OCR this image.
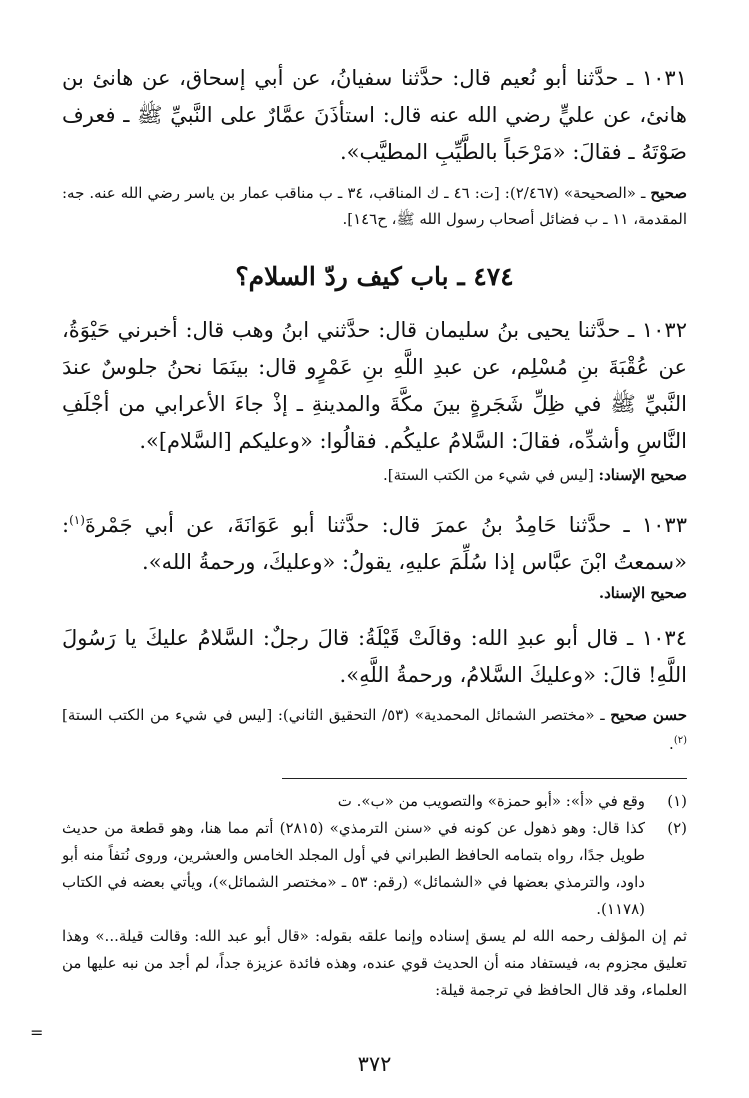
١٠٣١ ـ حدَّثنا أبو نُعيم قال: حدَّثنا سفيانُ، عن أبي إسحاق، عن هانئ بن هانئ، عن عليٍّ رضي الله عنه قال: استأذَنَ عمَّارٌ على النَّبيِّ ﷺ ـ فعرف صَوْتَهُ ـ فقالَ: «مَرْحَباً بالطَّيِّبِ المطيَّب».
صحيح ـ «الصحيحة» (٢/٤٦٧): [ت: ٤٦ ـ ك المناقب، ٣٤ ـ ب مناقب عمار بن ياسر رضي الله عنه. جه: المقدمة، ١١ ـ ب فضائل أصحاب رسول الله ﷺ، ح١٤٦].
٤٧٤ ـ باب كيف ردّ السلام؟
١٠٣٢ ـ حدَّثنا يحيى بنُ سليمان قال: حدَّثني ابنُ وهب قال: أخبرني حَيْوَةُ، عن عُقْبَةَ بنِ مُسْلِم، عن عبدِ اللَّهِ بنِ عَمْرٍو قال: بينَمَا نحنُ جلوسٌ عندَ النَّبيِّ ﷺ في ظِلِّ شَجَرةٍ بينَ مكَّةَ والمدينةِ ـ إذْ جاءَ الأعرابي من أجْلَفِ النَّاسِ وأشدِّه، فقالَ: السَّلامُ عليكُم. فقالُوا: «وعليكم [السَّلام]».
صحيح الإسناد: [ليس في شيء من الكتب الستة].
١٠٣٣ ـ حدَّثنا حَامِدُ بنُ عمرَ قال: حدَّثنا أبو عَوَانَةَ، عن أبي جَمْرةَ$^{(١)}$: «سمعتُ ابْنَ عبَّاس إذا سُلِّمَ عليهِ، يقولُ: «وعليكَ، ورحمةُ الله».
صحيح الإسناد.
١٠٣٤ ـ قال أبو عبدِ الله: وقالَتْ قَيْلَةُ: قالَ رجلٌ: السَّلامُ عليكَ يا رَسُولَ اللَّهِ! قالَ: «وعليكَ السَّلامُ، ورحمةُ اللَّهِ».
حسن صحيح ـ «مختصر الشمائل المحمدية» (٥٣/ التحقيق الثاني): [ليس في شيء من الكتب الستة]$^{(٢)}$.
(١)
وقع في «أ»: «أبو حمزة» والتصويب من «ب». ت
(٢)
كذا قال: وهو ذهول عن كونه في «سنن الترمذي» (٢٨١٥) أتم مما هنا، وهو قطعة من حديث طويل جدًا، رواه بتمامه الحافظ الطبراني في أول المجلد الخامس والعشرين، وروى نُتفاً منه أبو داود، والترمذي بعضها في «الشمائل» (رقم: ٥٣ ـ «مختصر الشمائل»)، ويأتي بعضه في الكتاب (١١٧٨).
ثم إن المؤلف رحمه الله لم يسق إسناده وإنما علقه بقوله: «قال أبو عبد الله: وقالت قيلة...» وهذا تعليق مجزوم به، فيستفاد منه أن الحديث قوي عنده، وهذه فائدة عزيزة جداً، لم أجد من نبه عليها من العلماء، وقد قال الحافظ في ترجمة قيلة:
=
٣٧٢
